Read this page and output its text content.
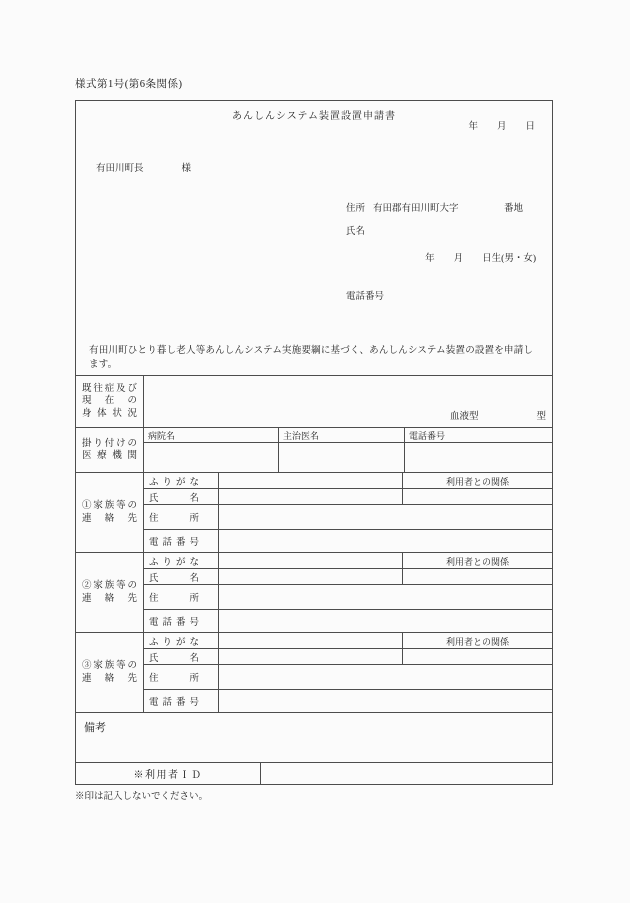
様式第1号(第6条関係)
あんしんシステム装置設置申請書
年　　月　　日
有田川町長	様
住所 有田郡有田川町大字	番地
氏名
年　　月　　日生(男・女)
電話番号
有田川町ひとり暮し老人等あんしんシステム実施要綱に基づく、あんしんシステム装置の設置を申請します。
既往症及び
現在の
身体状況	血液型	型
掛り付けの
医療機関
病院名	主治医名	電話番号
①家族等の
連絡先
ふりがな	利用者との関係
氏名
住所
電話番号
②家族等の
連絡先
ふりがな	利用者との関係
氏名
住所
電話番号
③家族等の
連絡先
ふりがな	利用者との関係
氏名
住所
電話番号
備考
※利用者ＩＤ
※印は記入しないでください。
